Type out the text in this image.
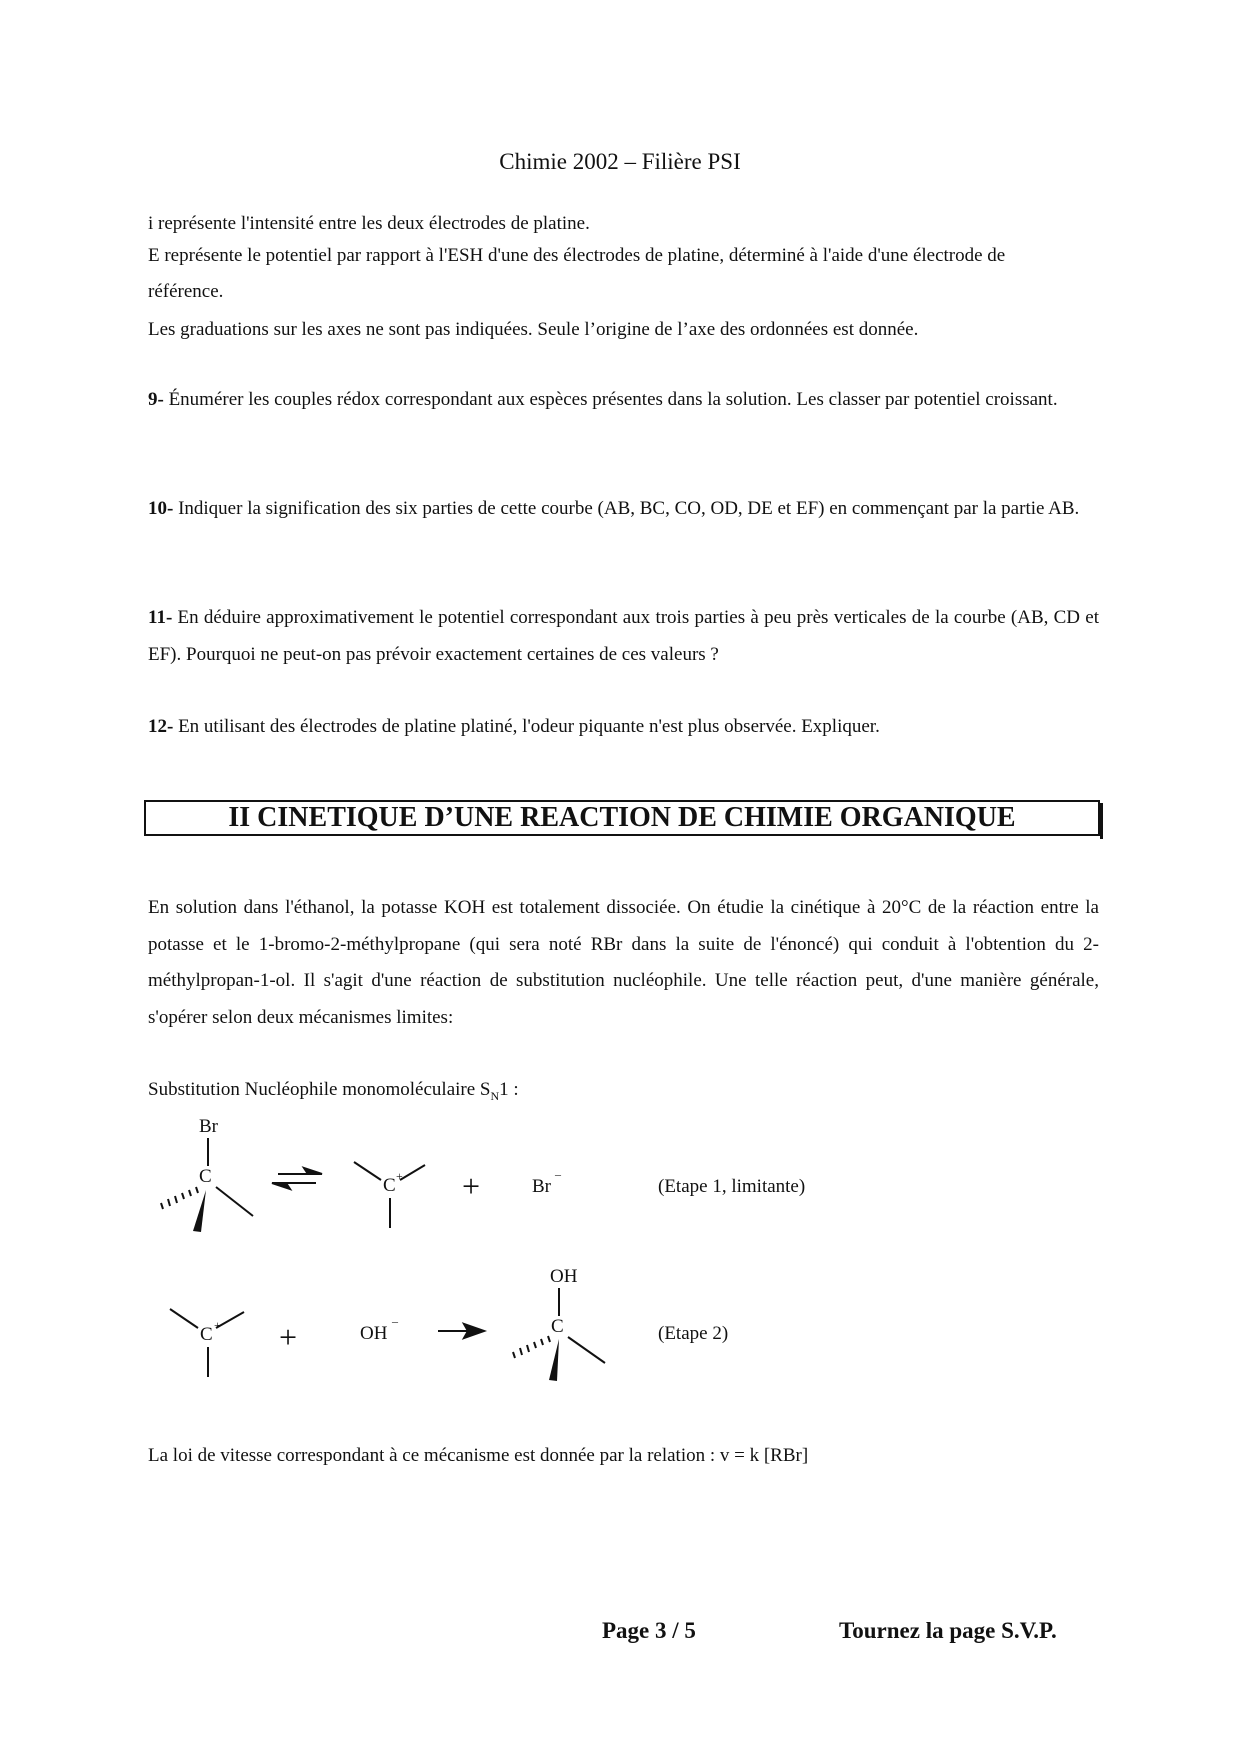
Chimie 2002 – Filière PSI
i représente l'intensité entre les deux électrodes de platine.
E représente le potentiel par rapport à l'ESH d'une des électrodes de platine, déterminé à l'aide d'une électrode de
référence.
Les graduations sur les axes ne sont pas indiquées. Seule l’origine de l’axe des ordonnées est donnée.
9- Énumérer les couples rédox correspondant aux espèces présentes dans la solution. Les classer par potentiel croissant.
10- Indiquer la signification des six parties de cette courbe (AB, BC, CO, OD, DE et EF) en commençant par la partie AB.
11- En déduire approximativement le potentiel correspondant aux trois parties à peu près verticales de la courbe (AB, CD et EF). Pourquoi ne peut-on pas prévoir exactement certaines de ces valeurs ?
12- En utilisant des électrodes de platine platiné, l'odeur piquante n'est plus observée. Expliquer.
II CINETIQUE D’UNE REACTION DE CHIMIE ORGANIQUE
En solution dans l'éthanol, la potasse KOH est totalement dissociée. On étudie la cinétique à 20°C de la réaction entre la potasse et le 1-bromo-2-méthylpropane (qui sera noté RBr dans la suite de l'énoncé) qui conduit à l'obtention du 2-méthylpropan-1-ol. Il s'agit d'une réaction de substitution nucléophile. Une telle réaction peut, d'une manière générale, s'opérer selon deux mécanismes limites:
Substitution Nucléophile monomoléculaire $S_N1$ :
Br
C	C + +	Br
–
(Etape 1, limitante)
C + +	OH
–
OH
C	(Etape 2)
La loi de vitesse correspondant à ce mécanisme est donnée par la relation : v = k [RBr]
Page 3 / 5	Tournez la page S.V.P.
